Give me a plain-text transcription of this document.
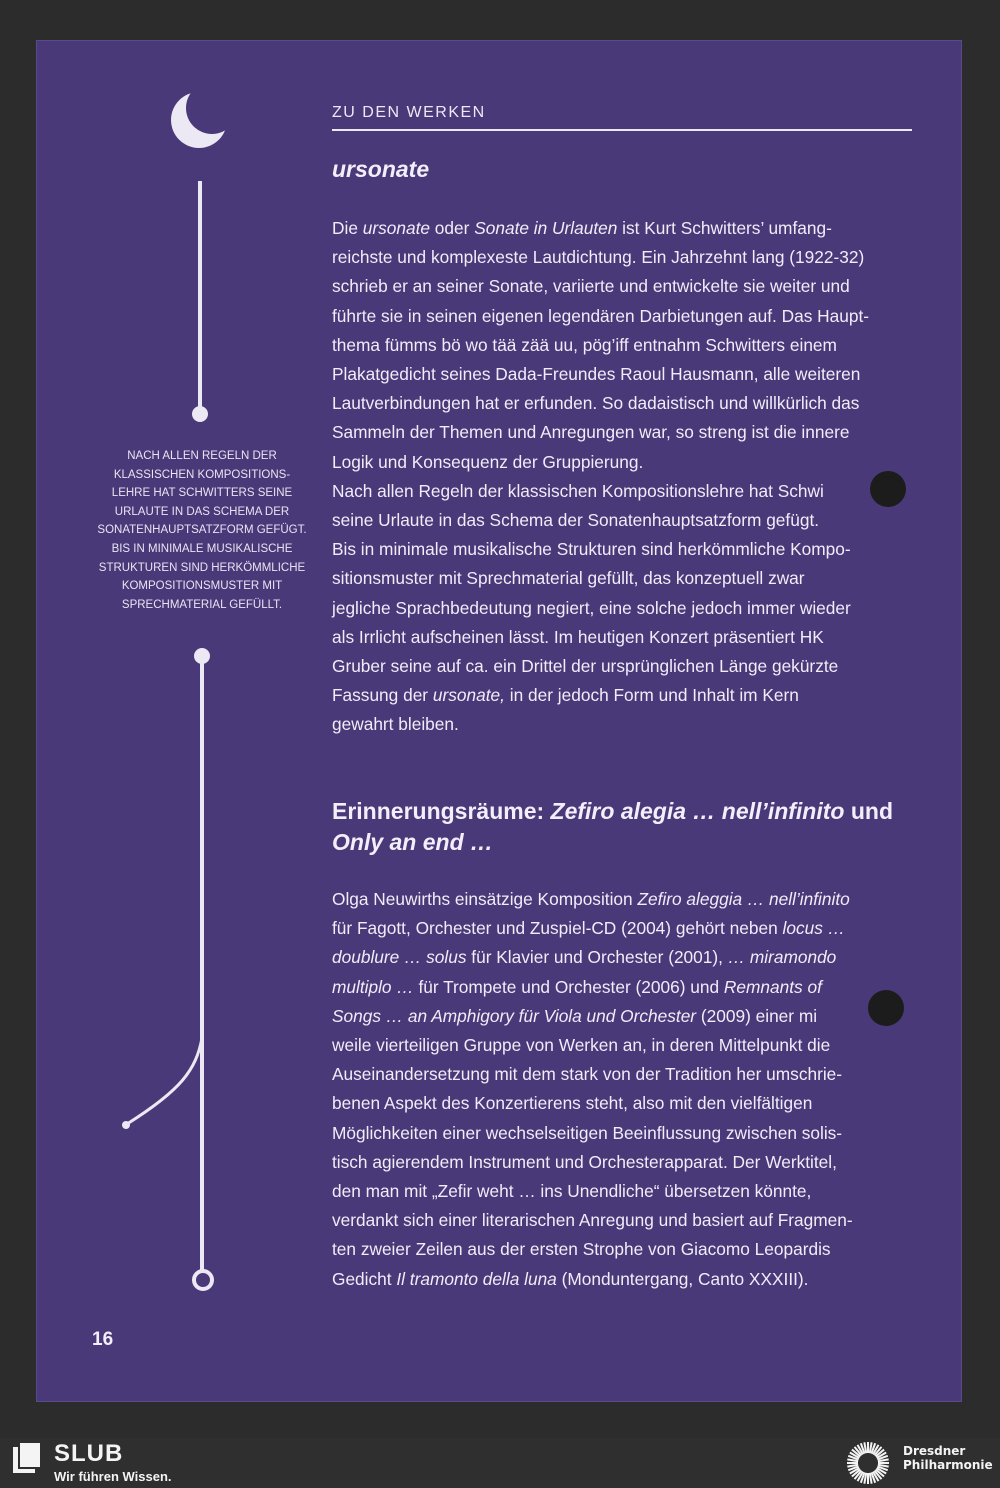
ZU DEN WERKEN
ursonate
Die ursonate oder Sonate in Urlauten ist Kurt Schwitters’ umfang-
reichste und komplexeste Lautdichtung. Ein Jahrzehnt lang (1922-32)
schrieb er an seiner Sonate, variierte und entwickelte sie weiter und
führte sie in seinen eigenen legendären Darbietungen auf. Das Haupt-
thema fümms bö wo tää zää uu, pög’iff entnahm Schwitters einem
Plakatgedicht seines Dada-Freundes Raoul Hausmann, alle weiteren
Lautverbindungen hat er erfunden. So dadaistisch und willkürlich das
Sammeln der Themen und Anregungen war, so streng ist die innere
Logik und Konsequenz der Gruppierung.
Nach allen Regeln der klassischen Kompositionslehre hat Schwi
seine Urlaute in das Schema der Sonatenhauptsatzform gefügt.
Bis in minimale musikalische Strukturen sind herkömmliche Kompo-
sitionsmuster mit Sprechmaterial gefüllt, das konzeptuell zwar
jegliche Sprachbedeutung negiert, eine solche jedoch immer wieder
als Irrlicht aufscheinen lässt. Im heutigen Konzert präsentiert HK
Gruber seine auf ca. ein Drittel der ursprünglichen Länge gekürzte
Fassung der ursonate, in der jedoch Form und Inhalt im Kern
gewahrt bleiben.
Erinnerungsräume: Zefiro alegia … nell’infinito und
Only an end …
Olga Neuwirths einsätzige Komposition Zefiro aleggia … nell’infinito
für Fagott, Orchester und Zuspiel-CD (2004) gehört neben locus …
doublure … solus für Klavier und Orchester (2001), … miramondo
multiplo … für Trompete und Orchester (2006) und Remnants of
Songs … an Amphigory für Viola und Orchester (2009) einer mi
weile vierteiligen Gruppe von Werken an, in deren Mittelpunkt die
Auseinandersetzung mit dem stark von der Tradition her umschrie-
benen Aspekt des Konzertierens steht, also mit den vielfältigen
Möglichkeiten einer wechselseitigen Beeinflussung zwischen solis-
tisch agierendem Instrument und Orchesterapparat. Der Werktitel,
den man mit „Zefir weht … ins Unendliche“ übersetzen könnte,
verdankt sich einer literarischen Anregung und basiert auf Fragmen-
ten zweier Zeilen aus der ersten Strophe von Giacomo Leopardis
Gedicht Il tramonto della luna (Monduntergang, Canto XXXIII).
NACH ALLEN REGELN DER
KLASSISCHEN KOMPOSITIONS-
LEHRE HAT SCHWITTERS SEINE
URLAUTE IN DAS SCHEMA DER
SONATENHAUPTSATZFORM GEFÜGT.
BIS IN MINIMALE MUSIKALISCHE
STRUKTUREN SIND HERKÖMMLICHE
KOMPOSITIONSMUSTER MIT
SPRECHMATERIAL GEFÜLLT.
16
SLUB
Wir führen Wissen.
Dresdner
Philharmonie
